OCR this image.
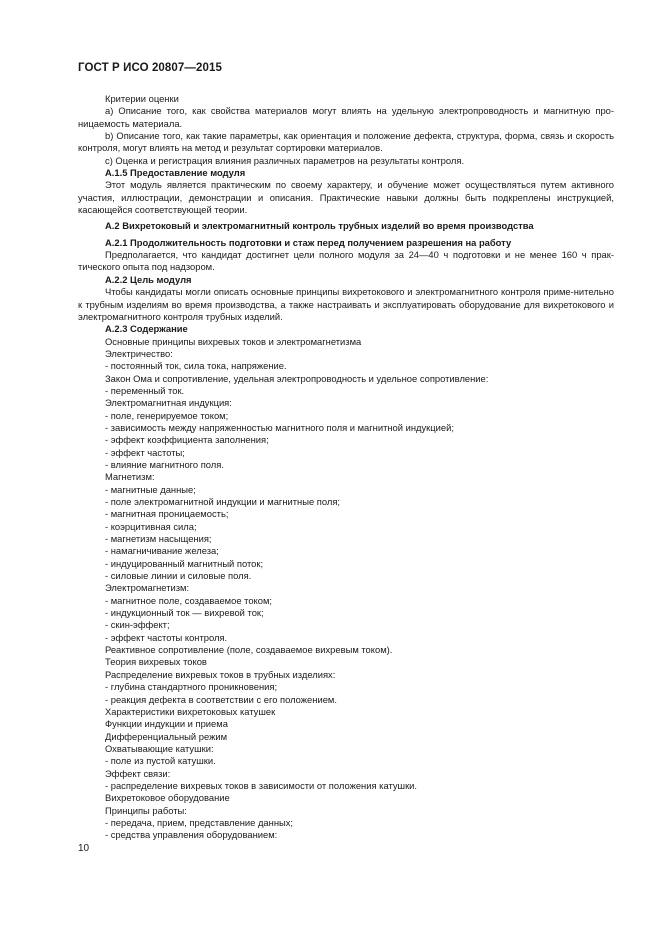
ГОСТ Р ИСО 20807—2015

Критерии оценки

а) Описание того, как свойства материалов могут влиять на удельную электропроводность и магнитную про-ницаемость материала.

b) Описание того, как такие параметры, как ориентация и положение дефекта, структура, форма, связь и скорость контроля, могут влиять на метод и результат сортировки материалов.

с) Оценка и регистрация влияния различных параметров на результаты контроля.

А.1.5 Предоставление модуля

Этот модуль является практическим по своему характеру, и обучение может осуществляться путем активного участия, иллюстрации, демонстрации и описания. Практические навыки должны быть подкреплены инструкцией, касающейся соответствующей теории.

А.2 Вихретоковый и электромагнитный контроль трубных изделий во время производства

А.2.1 Продолжительность подготовки и стаж перед получением разрешения на работу

Предполагается, что кандидат достигнет цели полного модуля за 24—40 ч подготовки и не менее 160 ч прак-тического опыта под надзором.

А.2.2 Цель модуля

Чтобы кандидаты могли описать основные принципы вихретокового и электромагнитного контроля приме-нительно к трубным изделиям во время производства, а также настраивать и эксплуатировать оборудование для вихретокового и электромагнитного контроля трубных изделий.

А.2.3 Содержание

Основные принципы вихревых токов и электромагнетизма

Электричество:

- постоянный ток, сила тока, напряжение.

Закон Ома и сопротивление, удельная электропроводность и удельное сопротивление:

- переменный ток.

Электромагнитная индукция:

- поле, генерируемое током;

- зависимость между напряженностью магнитного поля и магнитной индукцией;

- эффект коэффициента заполнения;

- эффект частоты;

- влияние магнитного поля.

Магнетизм:

- магнитные данные;

- поле электромагнитной индукции и магнитные поля;

- магнитная проницаемость;

- коэрцитивная сила;

- магнетизм насыщения;

- намагничивание железа;

- индуцированный магнитный поток;

- силовые линии и силовые поля.

Электромагнетизм:

- магнитное поле, создаваемое током;

- индукционный ток — вихревой ток;

- скин-эффект;

- эффект частоты контроля.

Реактивное сопротивление (поле, создаваемое вихревым током).

Теория вихревых токов

Распределение вихревых токов в трубных изделиях:

- глубина стандартного проникновения;

- реакция дефекта в соответствии с его положением.

Характеристики вихретоковых катушек

Функции индукции и приема

Дифференциальный режим

Охватывающие катушки:

- поле из пустой катушки.

Эффект связи:

- распределение вихревых токов в зависимости от положения катушки.

Вихретоковое оборудование

Принципы работы:

- передача, прием, представление данных;

- средства управления оборудованием:

10
